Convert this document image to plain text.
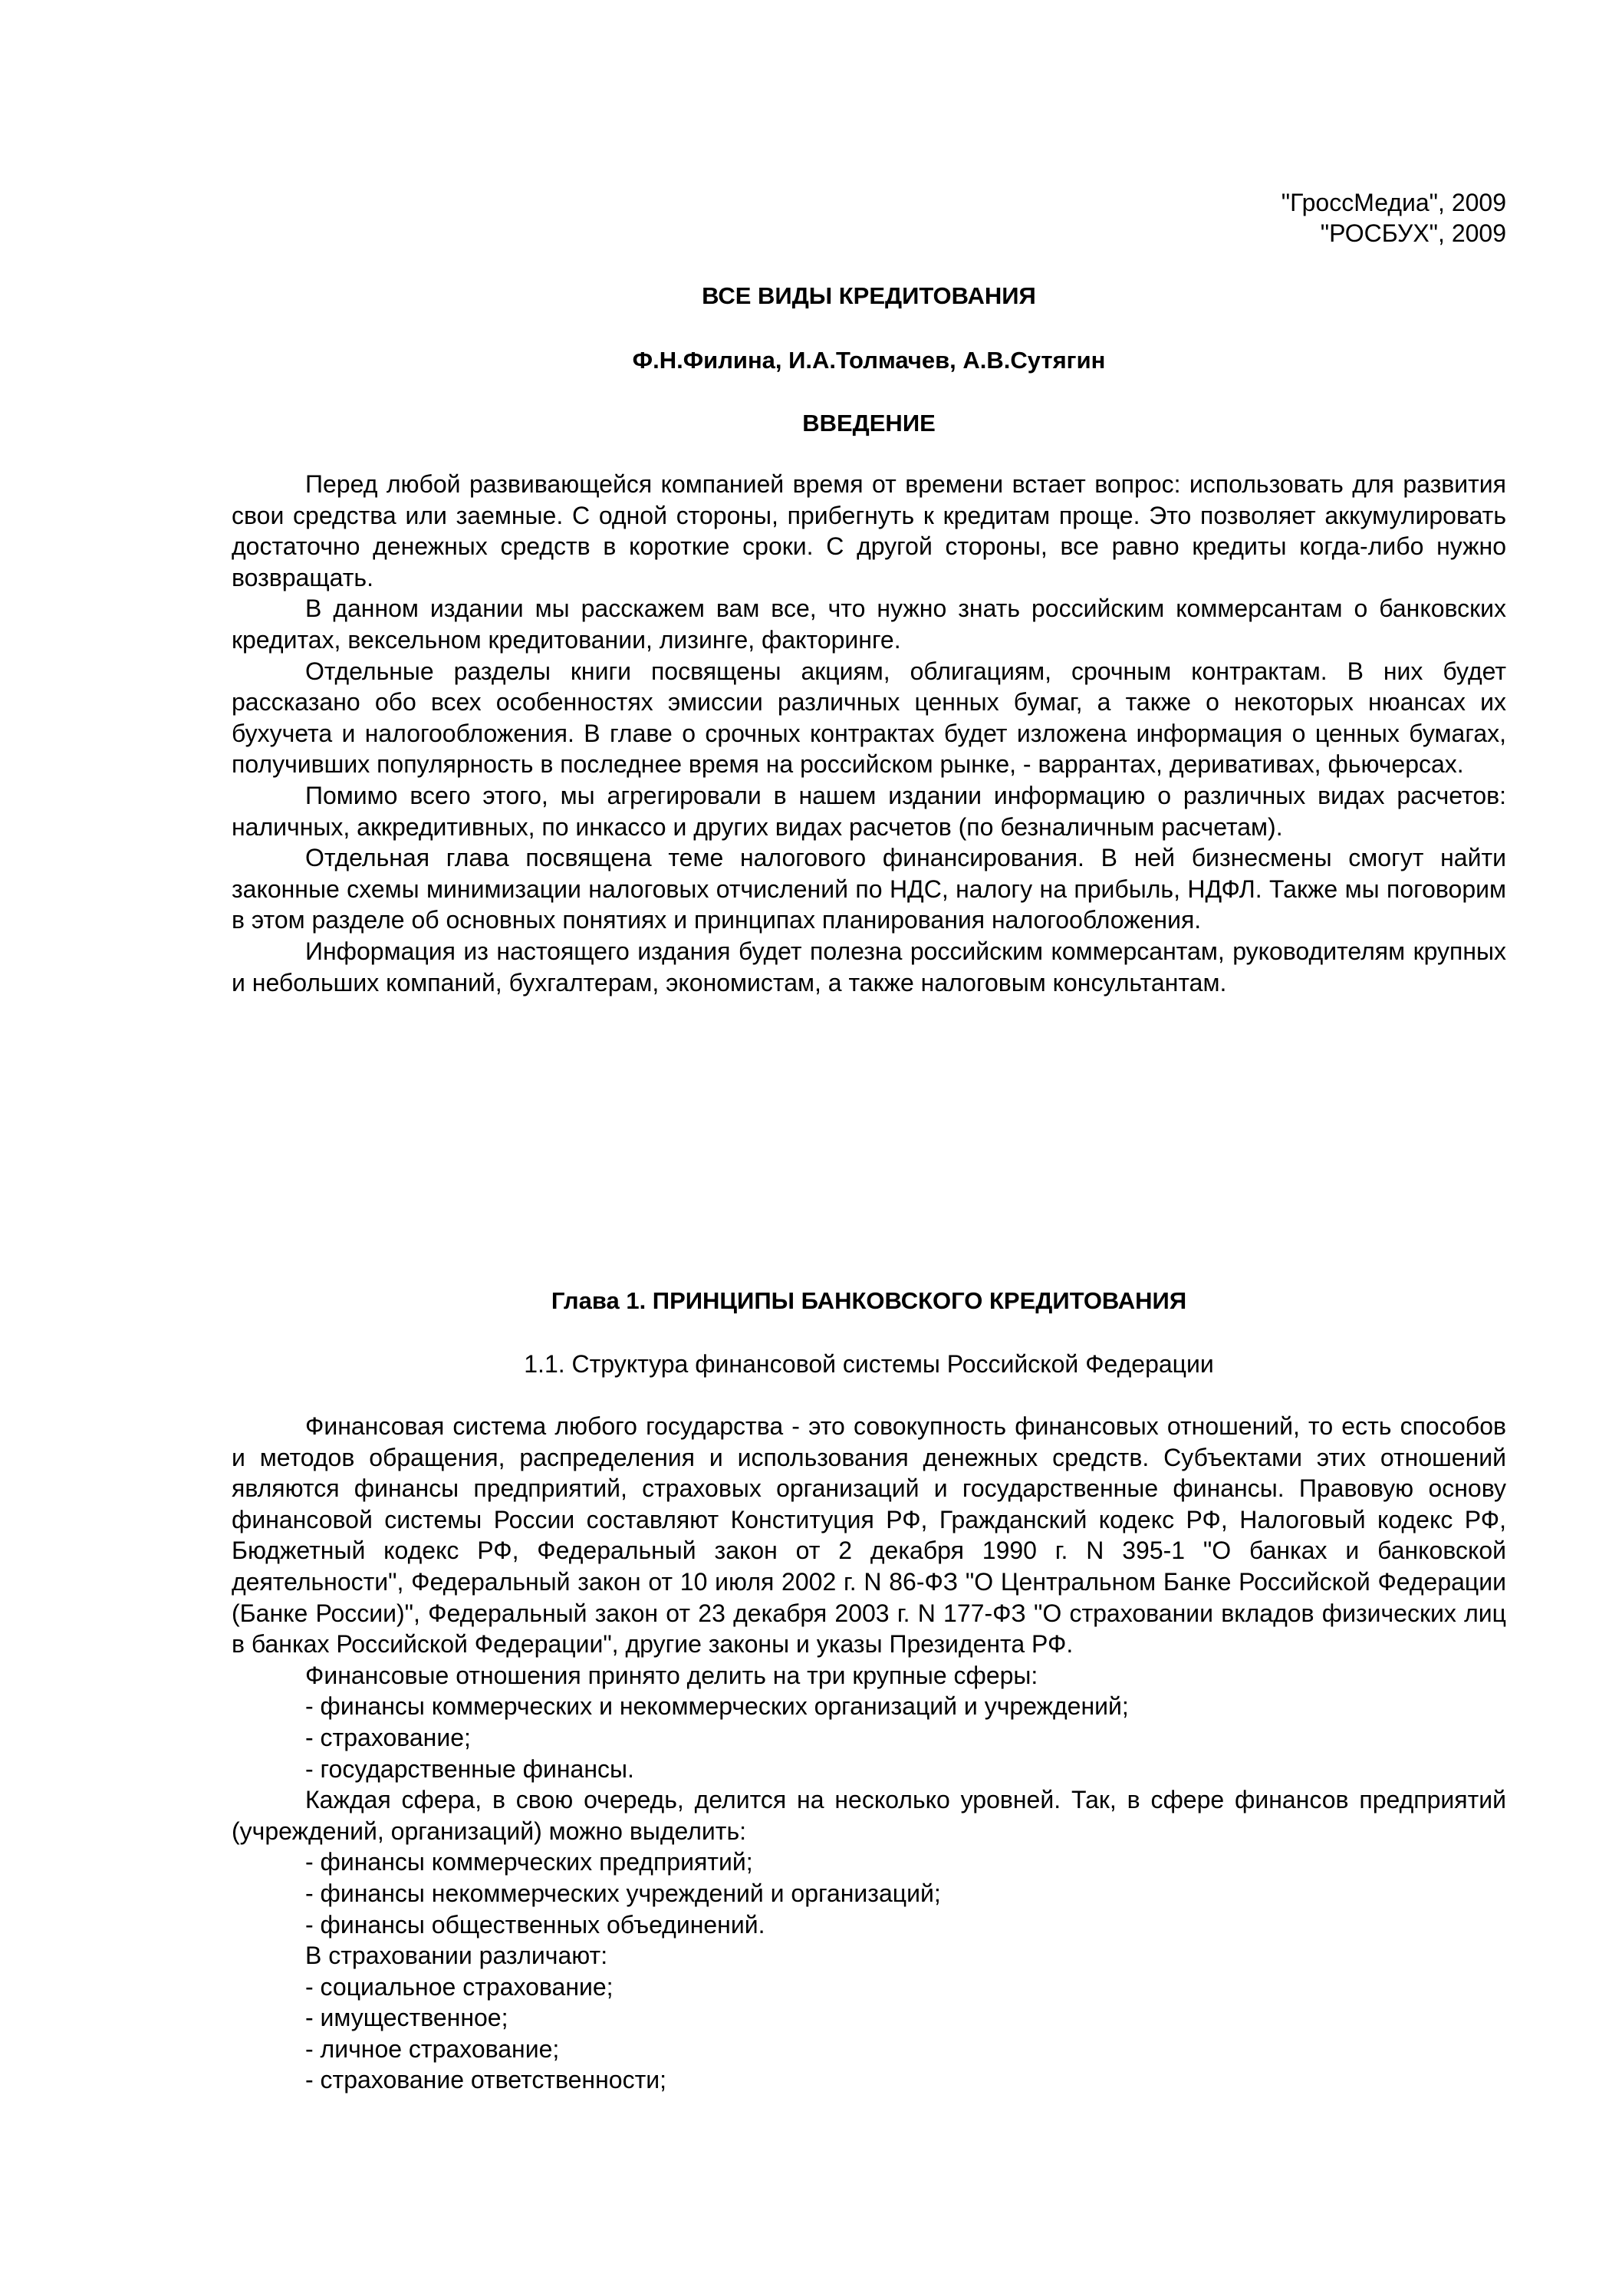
"ГроссМедиа", 2009
"РОСБУХ", 2009
ВСЕ ВИДЫ КРЕДИТОВАНИЯ
Ф.Н.Филина, И.А.Толмачев, А.В.Сутягин
ВВЕДЕНИЕ

Перед любой развивающейся компанией время от времени встает вопрос: использовать для развития свои средства или заемные. С одной стороны, прибегнуть к кредитам проще. Это позволяет аккумулировать достаточно денежных средств в короткие сроки. С другой стороны, все равно кредиты когда-либо нужно возвращать.

В данном издании мы расскажем вам все, что нужно знать российским коммерсантам о банковских кредитах, вексельном кредитовании, лизинге, факторинге.

Отдельные разделы книги посвящены акциям, облигациям, срочным контрактам. В них будет рассказано обо всех особенностях эмиссии различных ценных бумаг, а также о некоторых нюансах их бухучета и налогообложения. В главе о срочных контрактах будет изложена информация о ценных бумагах, получивших популярность в последнее время на российском рынке, - варрантах, деривативах, фьючерсах.

Помимо всего этого, мы агрегировали в нашем издании информацию о различных видах расчетов: наличных, аккредитивных, по инкассо и других видах расчетов (по безналичным расчетам).

Отдельная глава посвящена теме налогового финансирования. В ней бизнесмены смогут найти законные схемы минимизации налоговых отчислений по НДС, налогу на прибыль, НДФЛ. Также мы поговорим в этом разделе об основных понятиях и принципах планирования налогообложения.

Информация из настоящего издания будет полезна российским коммерсантам, руководителям крупных и небольших компаний, бухгалтерам, экономистам, а также налоговым консультантам.

Глава 1. ПРИНЦИПЫ БАНКОВСКОГО КРЕДИТОВАНИЯ
1.1. Структура финансовой системы Российской Федерации

Финансовая система любого государства - это совокупность финансовых отношений, то есть способов и методов обращения, распределения и использования денежных средств. Субъектами этих отношений являются финансы предприятий, страховых организаций и государственные финансы. Правовую основу финансовой системы России составляют Конституция РФ, Гражданский кодекс РФ, Налоговый кодекс РФ, Бюджетный кодекс РФ, Федеральный закон от 2 декабря 1990 г. N 395-1 "О банках и банковской деятельности", Федеральный закон от 10 июля 2002 г. N 86-ФЗ "О Центральном Банке Российской Федерации (Банке России)", Федеральный закон от 23 декабря 2003 г. N 177-ФЗ "О страховании вкладов физических лиц в банках Российской Федерации", другие законы и указы Президента РФ.

Финансовые отношения принято делить на три крупные сферы:

- финансы коммерческих и некоммерческих организаций и учреждений;

- страхование;

- государственные финансы.

Каждая сфера, в свою очередь, делится на несколько уровней. Так, в сфере финансов предприятий (учреждений, организаций) можно выделить:

- финансы коммерческих предприятий;

- финансы некоммерческих учреждений и организаций;

- финансы общественных объединений.

В страховании различают:

- социальное страхование;

- имущественное;

- личное страхование;

- страхование ответственности;
